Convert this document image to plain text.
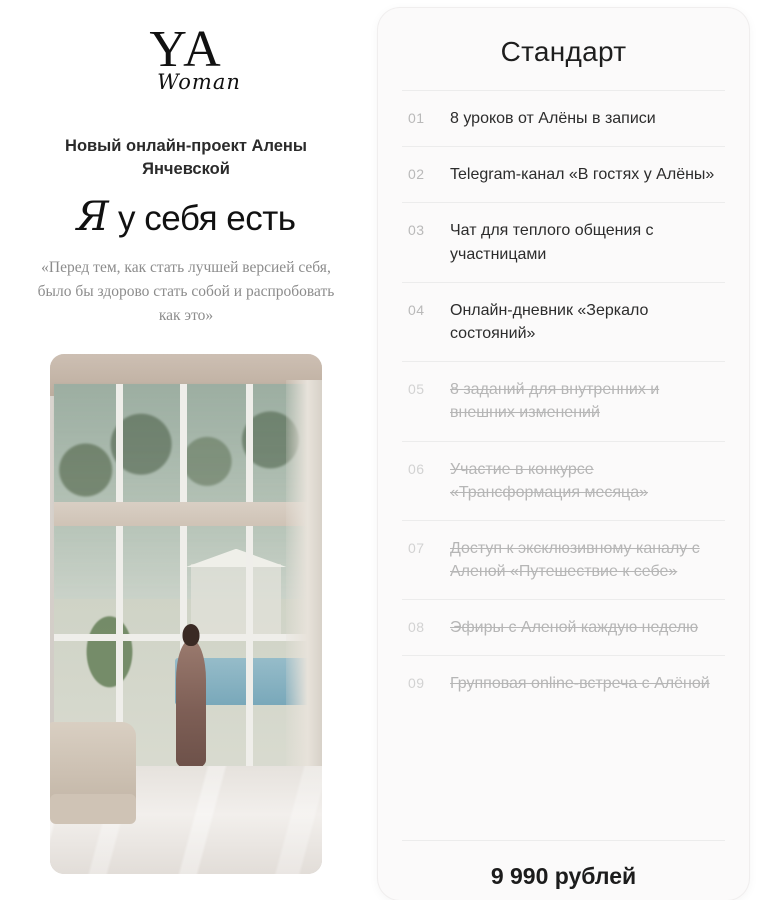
YA
Woman
Новый онлайн-проект Алены Янчевской
Я у себя есть
«Перед тем, как стать лучшей версией себя, было бы здорово стать собой и распробовать как это»
Стандарт
01	8 уроков от Алёны в записи
02	Telegram-канал «В гостях у Алёны»
03	Чат для теплого общения с участницами
04	Онлайн-дневник «Зеркало состояний»
05	8 заданий для внутренних и внешних изменений
06	Участие в конкурсе «Трансформация месяца»
07	Доступ к эксклюзивному каналу с Аленой «Путешествие к себе»
08	Эфиры с Аленой каждую неделю
09	Групповая online-встреча с Алёной
9 990 рублей
